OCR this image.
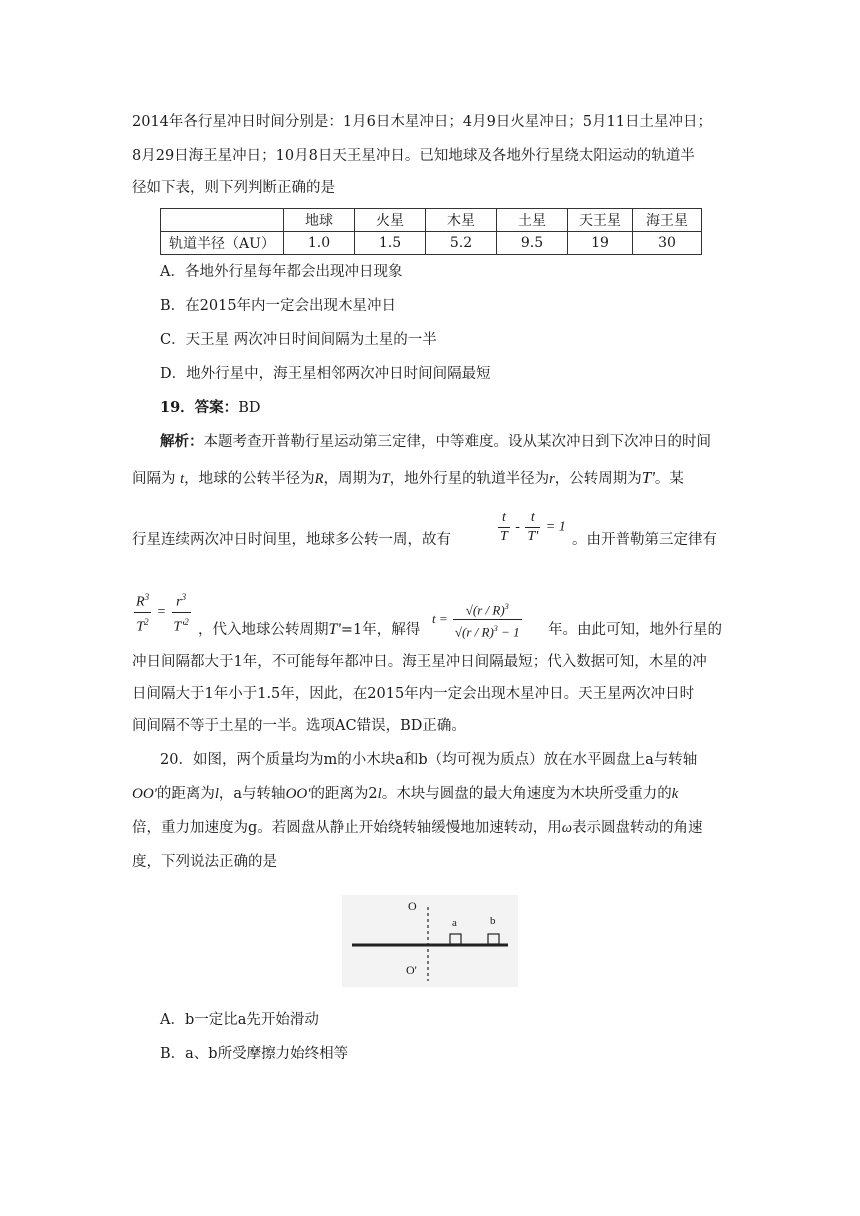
2014年各行星冲日时间分别是：1月6日木星冲日；4月9日火星冲日；5月11日土星冲日；
8月29日海王星冲日；10月8日天王星冲日。已知地球及各地外行星绕太阳运动的轨道半
径如下表，则下列判断正确的是
	地球	火星	木星	土星	天王星	海王星
轨道半径（AU）	1.0	1.5	5.2	9.5	19	30
A．各地外行星每年都会出现冲日现象
B．在2015年内一定会出现木星冲日
C．天王星 两次冲日时间间隔为土星的一半
D．地外行星中，海王星相邻两次冲日时间间隔最短
19．答案：BD
解析：本题考查开普勒行星运动第三定律，中等难度。设从某次冲日到下次冲日的时间
间隔为 t，地球的公转半径为R，周期为T，地外行星的轨道半径为r，公转周期为T'。某
行星连续两次冲日时间里，地球多公转一周，故有	$\frac{t}{T} - \frac{t}{T'} = 1$
。由开普勒第三定律有
$\frac{R^3}{T^2} = \frac{r^3}{T'^2}$ ，代入地球公转周期T'=1年，解得
$t = \frac{√(r / R)^3}{√(r / R)^3 - 1}$ 年。由此可知，地外行星的
冲日间隔都大于1年，不可能每年都冲日。海王星冲日间隔最短；代入数据可知，木星的冲
日间隔大于1年小于1.5年，因此，在2015年内一定会出现木星冲日。天王星两次冲日时
间间隔不等于土星的一半。选项AC错误，BD正确。
20．如图，两个质量均为m的小木块a和b（均可视为质点）放在水平圆盘上a与转轴
OO'的距离为l，a与转轴OO'的距离为2l。木块与圆盘的最大角速度为木块所受重力的k
倍，重力加速度为g。若圆盘从静止开始绕转轴缓慢地加速转动，用ω表示圆盘转动的角速
度，下列说法正确的是
O
O'
a	b
A．b一定比a先开始滑动
B．a、b所受摩擦力始终相等
